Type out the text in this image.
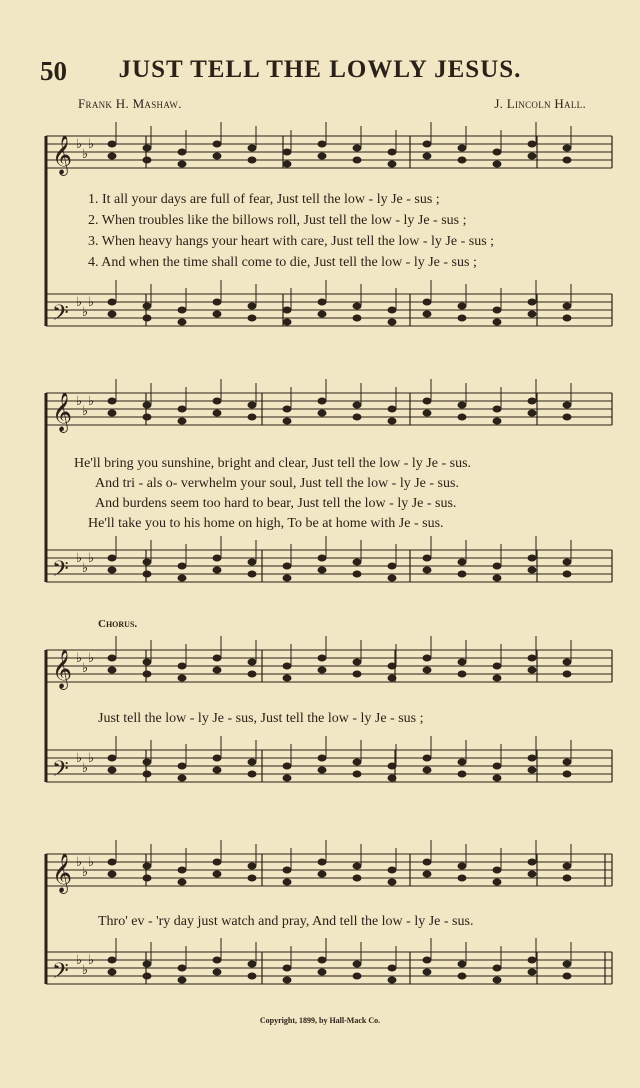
50	JUST TELL THE LOWLY JESUS.
Frank H. Mashaw.	J. Lincoln Hall.
𝄞 ♭
♭
♭
𝄢 ♭
♭
♭
𝄞 ♭
♭
♭
𝄢 ♭
♭
♭
𝄞 ♭
♭
♭
𝄢 ♭
♭
♭
𝄞 ♭
♭
♭
𝄢 ♭
♭
♭
1. It all your days are full of fear, Just tell the low - ly Je - sus ;
2. When troubles like the billows roll, Just tell the low - ly Je - sus ;
3. When heavy hangs your heart with care, Just tell the low - ly Je - sus ;
4. And when the time shall come to die, Just tell the low - ly Je - sus ;
He'll bring you sunshine, bright and clear, Just tell the low - ly Je - sus.
And tri - als o- verwhelm your soul, Just tell the low - ly Je - sus.
And burdens seem too hard to bear, Just tell the low - ly Je - sus.
He'll take you to his home on high, To be at home with Je - sus.
Chorus.
Just tell the low - ly Je - sus, Just tell the low - ly Je - sus ;
Thro' ev - 'ry day just watch and pray, And tell the low - ly Je - sus.
Copyright, 1899, by Hall-Mack Co.
